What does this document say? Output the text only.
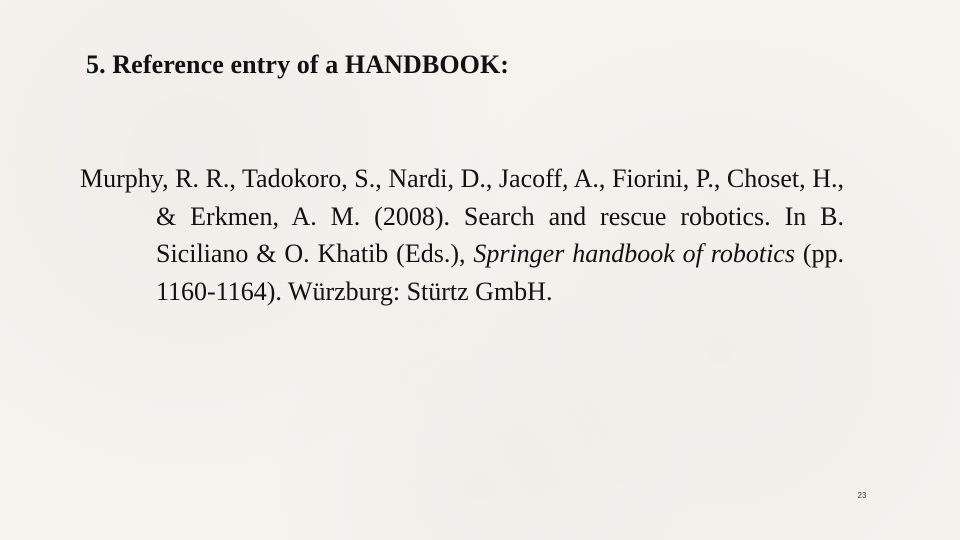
5. Reference entry of a HANDBOOK:

Murphy, R. R., Tadokoro, S., Nardi, D., Jacoff, A., Fiorini, P., Choset, H., & Erkmen, A. M. (2008). Search and rescue robotics. In B. Siciliano & O. Khatib (Eds.), Springer handbook of robotics (pp. 1160-1164). Würzburg: Stürtz GmbH.

23
